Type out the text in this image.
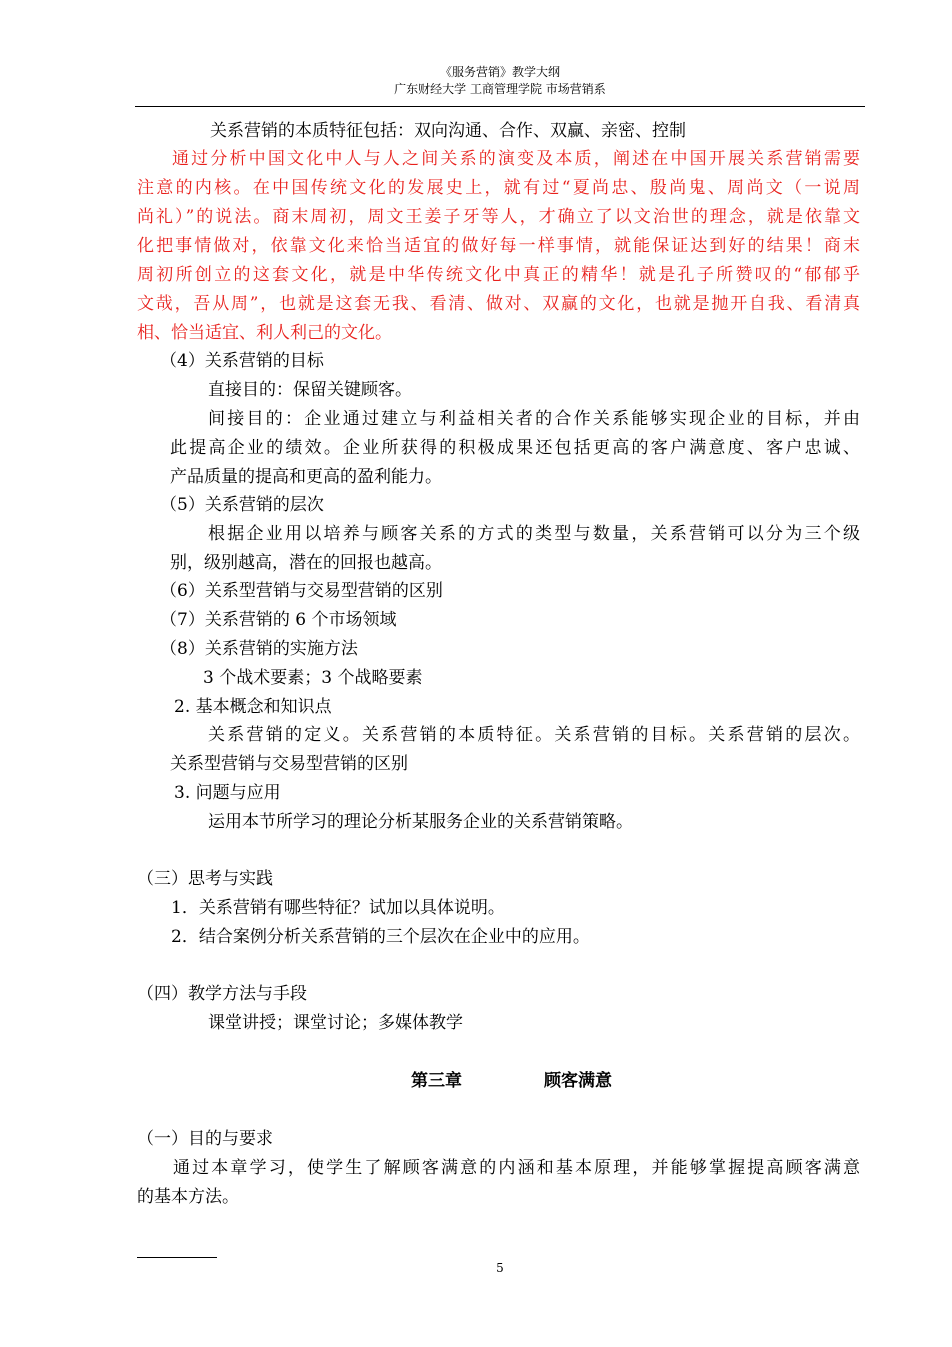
《服务营销》教学大纲
广东财经大学 工商管理学院 市场营销系
关系营销的本质特征包括：双向沟通、合作、双赢、亲密、控制
通过分析中国文化中人与人之间关系的演变及本质，阐述在中国开展关系营销需要
注意的内核。在中国传统文化的发展史上，就有过“夏尚忠、殷尚鬼、周尚文（一说周
尚礼）”的说法。商末周初，周文王姜子牙等人，才确立了以文治世的理念，就是依靠文
化把事情做对，依靠文化来恰当适宜的做好每一样事情，就能保证达到好的结果！商末
周初所创立的这套文化，就是中华传统文化中真正的精华！就是孔子所赞叹的“郁郁乎
文哉，吾从周”，也就是这套无我、看清、做对、双赢的文化，也就是抛开自我、看清真
相、恰当适宜、利人利己的文化。
（4）关系营销的目标
直接目的：保留关键顾客。
间接目的：企业通过建立与利益相关者的合作关系能够实现企业的目标，并由
此提高企业的绩效。企业所获得的积极成果还包括更高的客户满意度、客户忠诚、
产品质量的提高和更高的盈利能力。
（5）关系营销的层次
根据企业用以培养与顾客关系的方式的类型与数量，关系营销可以分为三个级
别，级别越高，潜在的回报也越高。
（6）关系型营销与交易型营销的区别
（7）关系营销的 6 个市场领域
（8）关系营销的实施方法
3 个战术要素；3 个战略要素
2. 基本概念和知识点
关系营销的定义。关系营销的本质特征。关系营销的目标。关系营销的层次。
关系型营销与交易型营销的区别
3. 问题与应用
运用本节所学习的理论分析某服务企业的关系营销策略。
（三）思考与实践
1．关系营销有哪些特征？试加以具体说明。
2．结合案例分析关系营销的三个层次在企业中的应用。
（四）教学方法与手段
课堂讲授；课堂讨论；多媒体教学
第三章	顾客满意
（一）目的与要求
通过本章学习，使学生了解顾客满意的内涵和基本原理，并能够掌握提高顾客满意
的基本方法。
5
